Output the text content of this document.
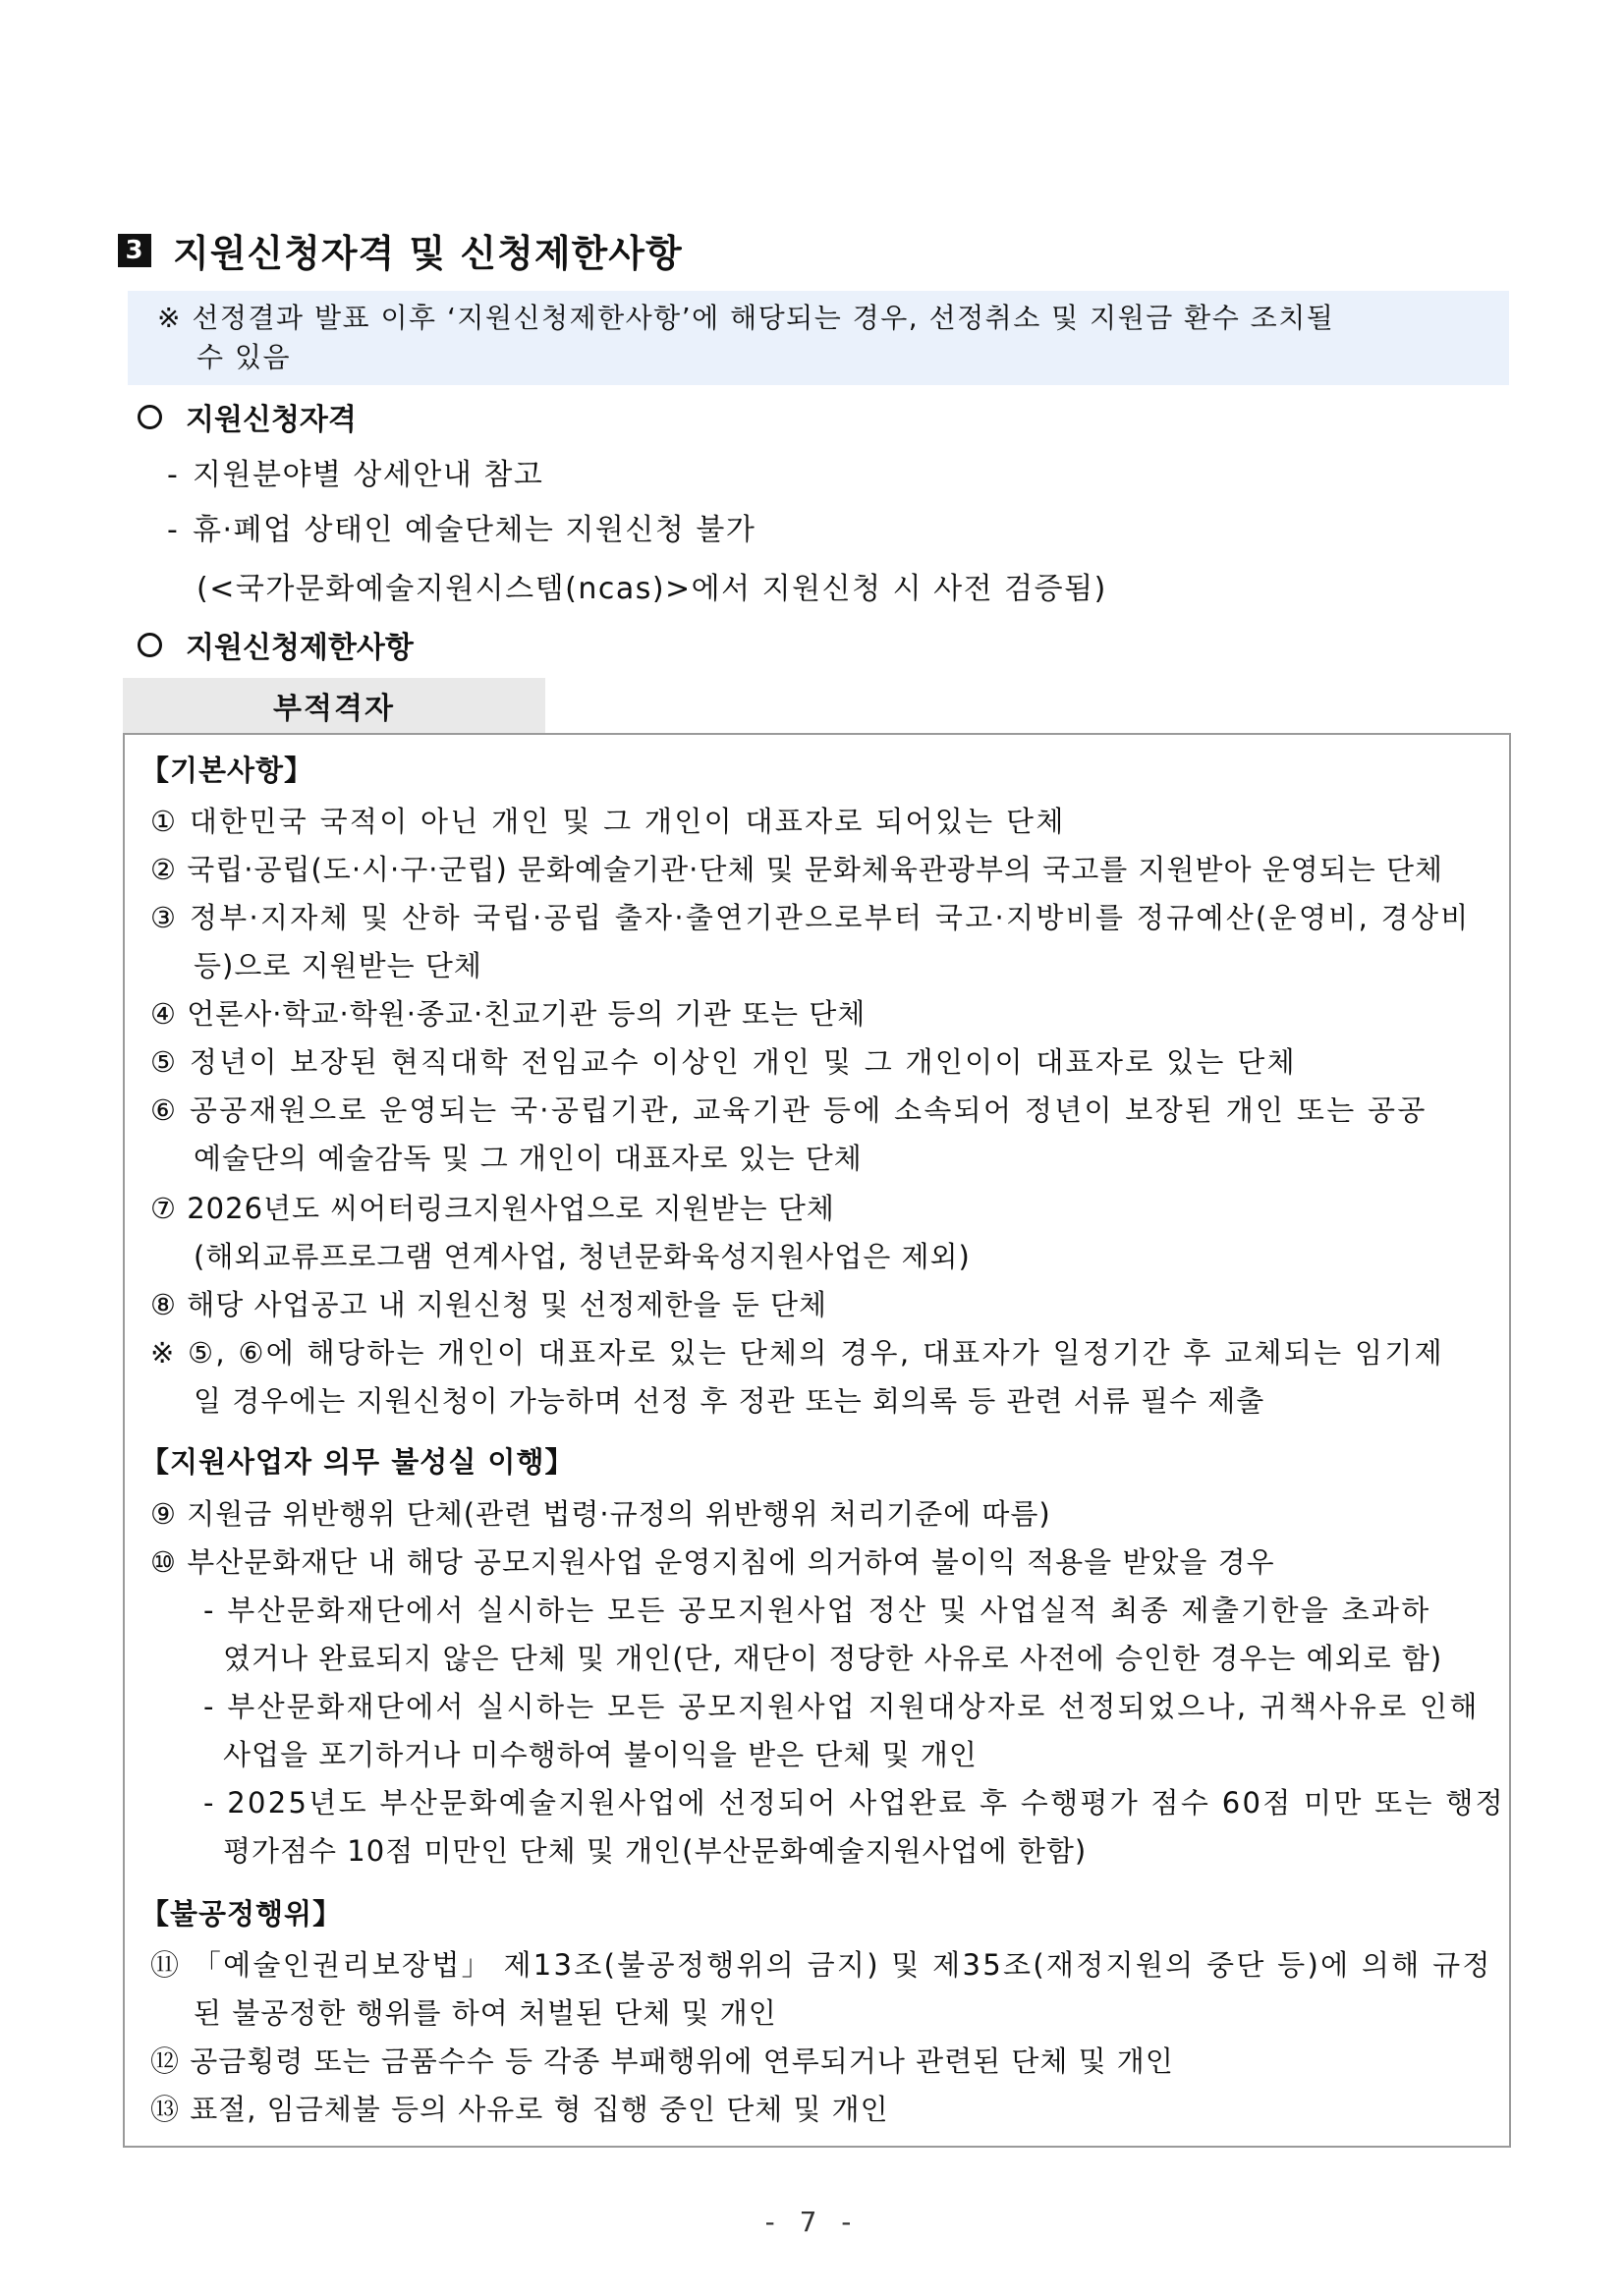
3 지원신청자격 및 신청제한사항
※ 선정결과 발표 이후 ‘지원신청제한사항’에 해당되는 경우, 선정취소 및 지원금 환수 조치될
수 있음
지원신청자격
- 지원분야별 상세안내 참고
- 휴·폐업 상태인 예술단체는 지원신청 불가
(<국가문화예술지원시스템(ncas)>에서 지원신청 시 사전 검증됨)
지원신청제한사항
부적격자
【기본사항】
① 대한민국 국적이 아닌 개인 및 그 개인이 대표자로 되어있는 단체
② 국립·공립(도·시·구·군립) 문화예술기관·단체 및 문화체육관광부의 국고를 지원받아 운영되는 단체
③ 정부·지자체 및 산하 국립·공립 출자·출연기관으로부터 국고·지방비를 정규예산(운영비, 경상비
등)으로 지원받는 단체
④ 언론사·학교·학원·종교·친교기관 등의 기관 또는 단체
⑤ 정년이 보장된 현직대학 전임교수 이상인 개인 및 그 개인이이 대표자로 있는 단체
⑥ 공공재원으로 운영되는 국·공립기관, 교육기관 등에 소속되어 정년이 보장된 개인 또는 공공
예술단의 예술감독 및 그 개인이 대표자로 있는 단체
⑦ 2026년도 씨어터링크지원사업으로 지원받는 단체
(해외교류프로그램 연계사업, 청년문화육성지원사업은 제외)
⑧ 해당 사업공고 내 지원신청 및 선정제한을 둔 단체
※ ⑤, ⑥에 해당하는 개인이 대표자로 있는 단체의 경우, 대표자가 일정기간 후 교체되는 임기제
일 경우에는 지원신청이 가능하며 선정 후 정관 또는 회의록 등 관련 서류 필수 제출
【지원사업자 의무 불성실 이행】
⑨ 지원금 위반행위 단체(관련 법령·규정의 위반행위 처리기준에 따름)
⑩ 부산문화재단 내 해당 공모지원사업 운영지침에 의거하여 불이익 적용을 받았을 경우
- 부산문화재단에서 실시하는 모든 공모지원사업 정산 및 사업실적 최종 제출기한을 초과하
였거나 완료되지 않은 단체 및 개인(단, 재단이 정당한 사유로 사전에 승인한 경우는 예외로 함)
- 부산문화재단에서 실시하는 모든 공모지원사업 지원대상자로 선정되었으나, 귀책사유로 인해
사업을 포기하거나 미수행하여 불이익을 받은 단체 및 개인
- 2025년도 부산문화예술지원사업에 선정되어 사업완료 후 수행평가 점수 60점 미만 또는 행정
평가점수 10점 미만인 단체 및 개인(부산문화예술지원사업에 한함)
【불공정행위】
⑪ 「예술인권리보장법」 제13조(불공정행위의 금지) 및 제35조(재정지원의 중단 등)에 의해 규정
된 불공정한 행위를 하여 처벌된 단체 및 개인
⑫ 공금횡령 또는 금품수수 등 각종 부패행위에 연루되거나 관련된 단체 및 개인
⑬ 표절, 임금체불 등의 사유로 형 집행 중인 단체 및 개인
- 7 -
